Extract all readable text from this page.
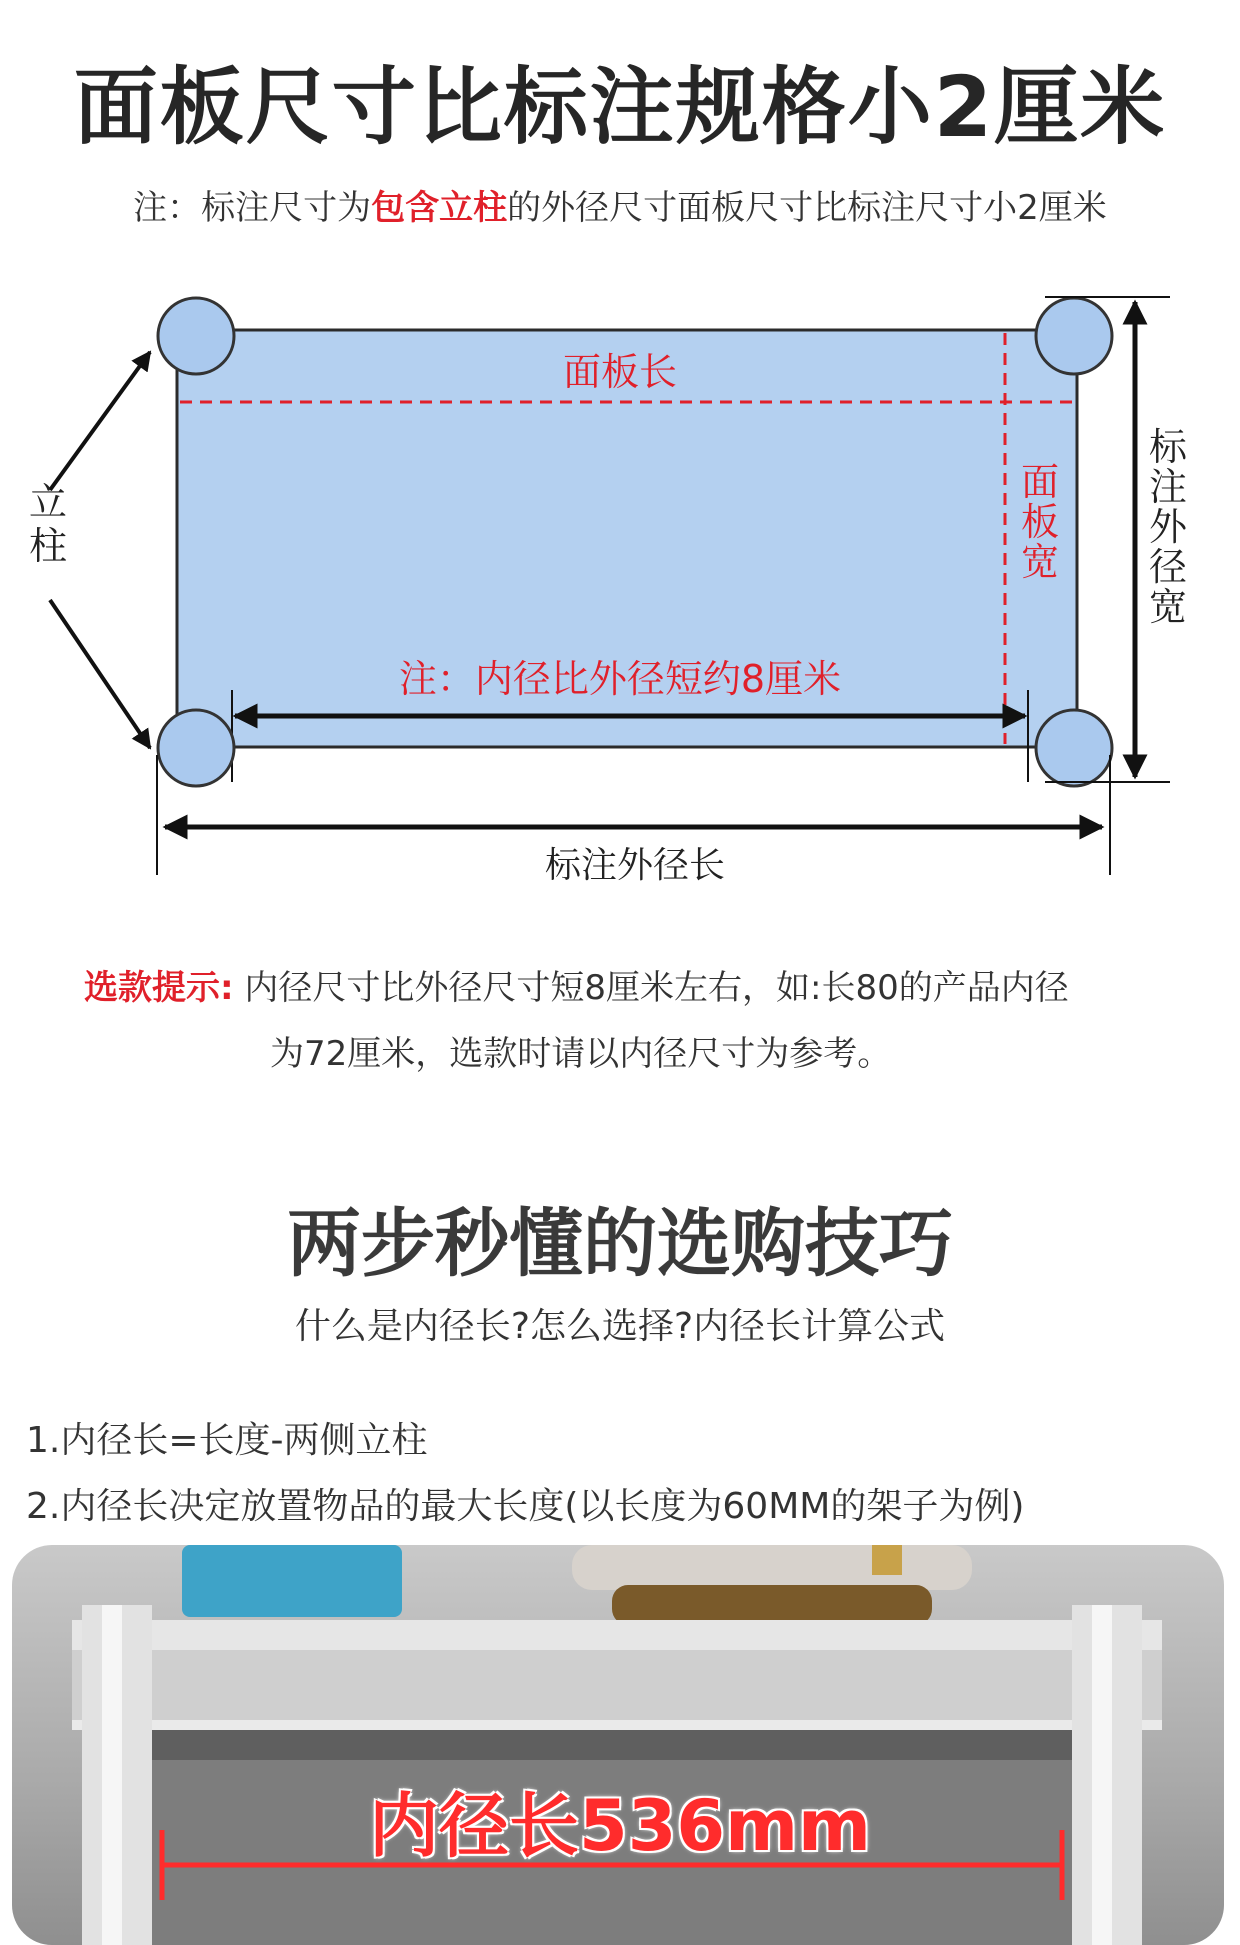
面板尺寸比标注规格小2厘米
注：标注尺寸为包含立柱的外径尺寸面板尺寸比标注尺寸小2厘米
面板长
注：内径比外径短约8厘米
标注外径长
立柱
面板宽
标注外径宽
选款提示: 内径尺寸比外径尺寸短8厘米左右，如:长80的产品内径
为72厘米，选款时请以内径尺寸为参考。
两步秒懂的选购技巧
什么是内径长?怎么选择?内径长计算公式
1.内径长=长度-两侧立柱
2.内径长决定放置物品的最大长度(以长度为60MM的架子为例)
内径长536mm
